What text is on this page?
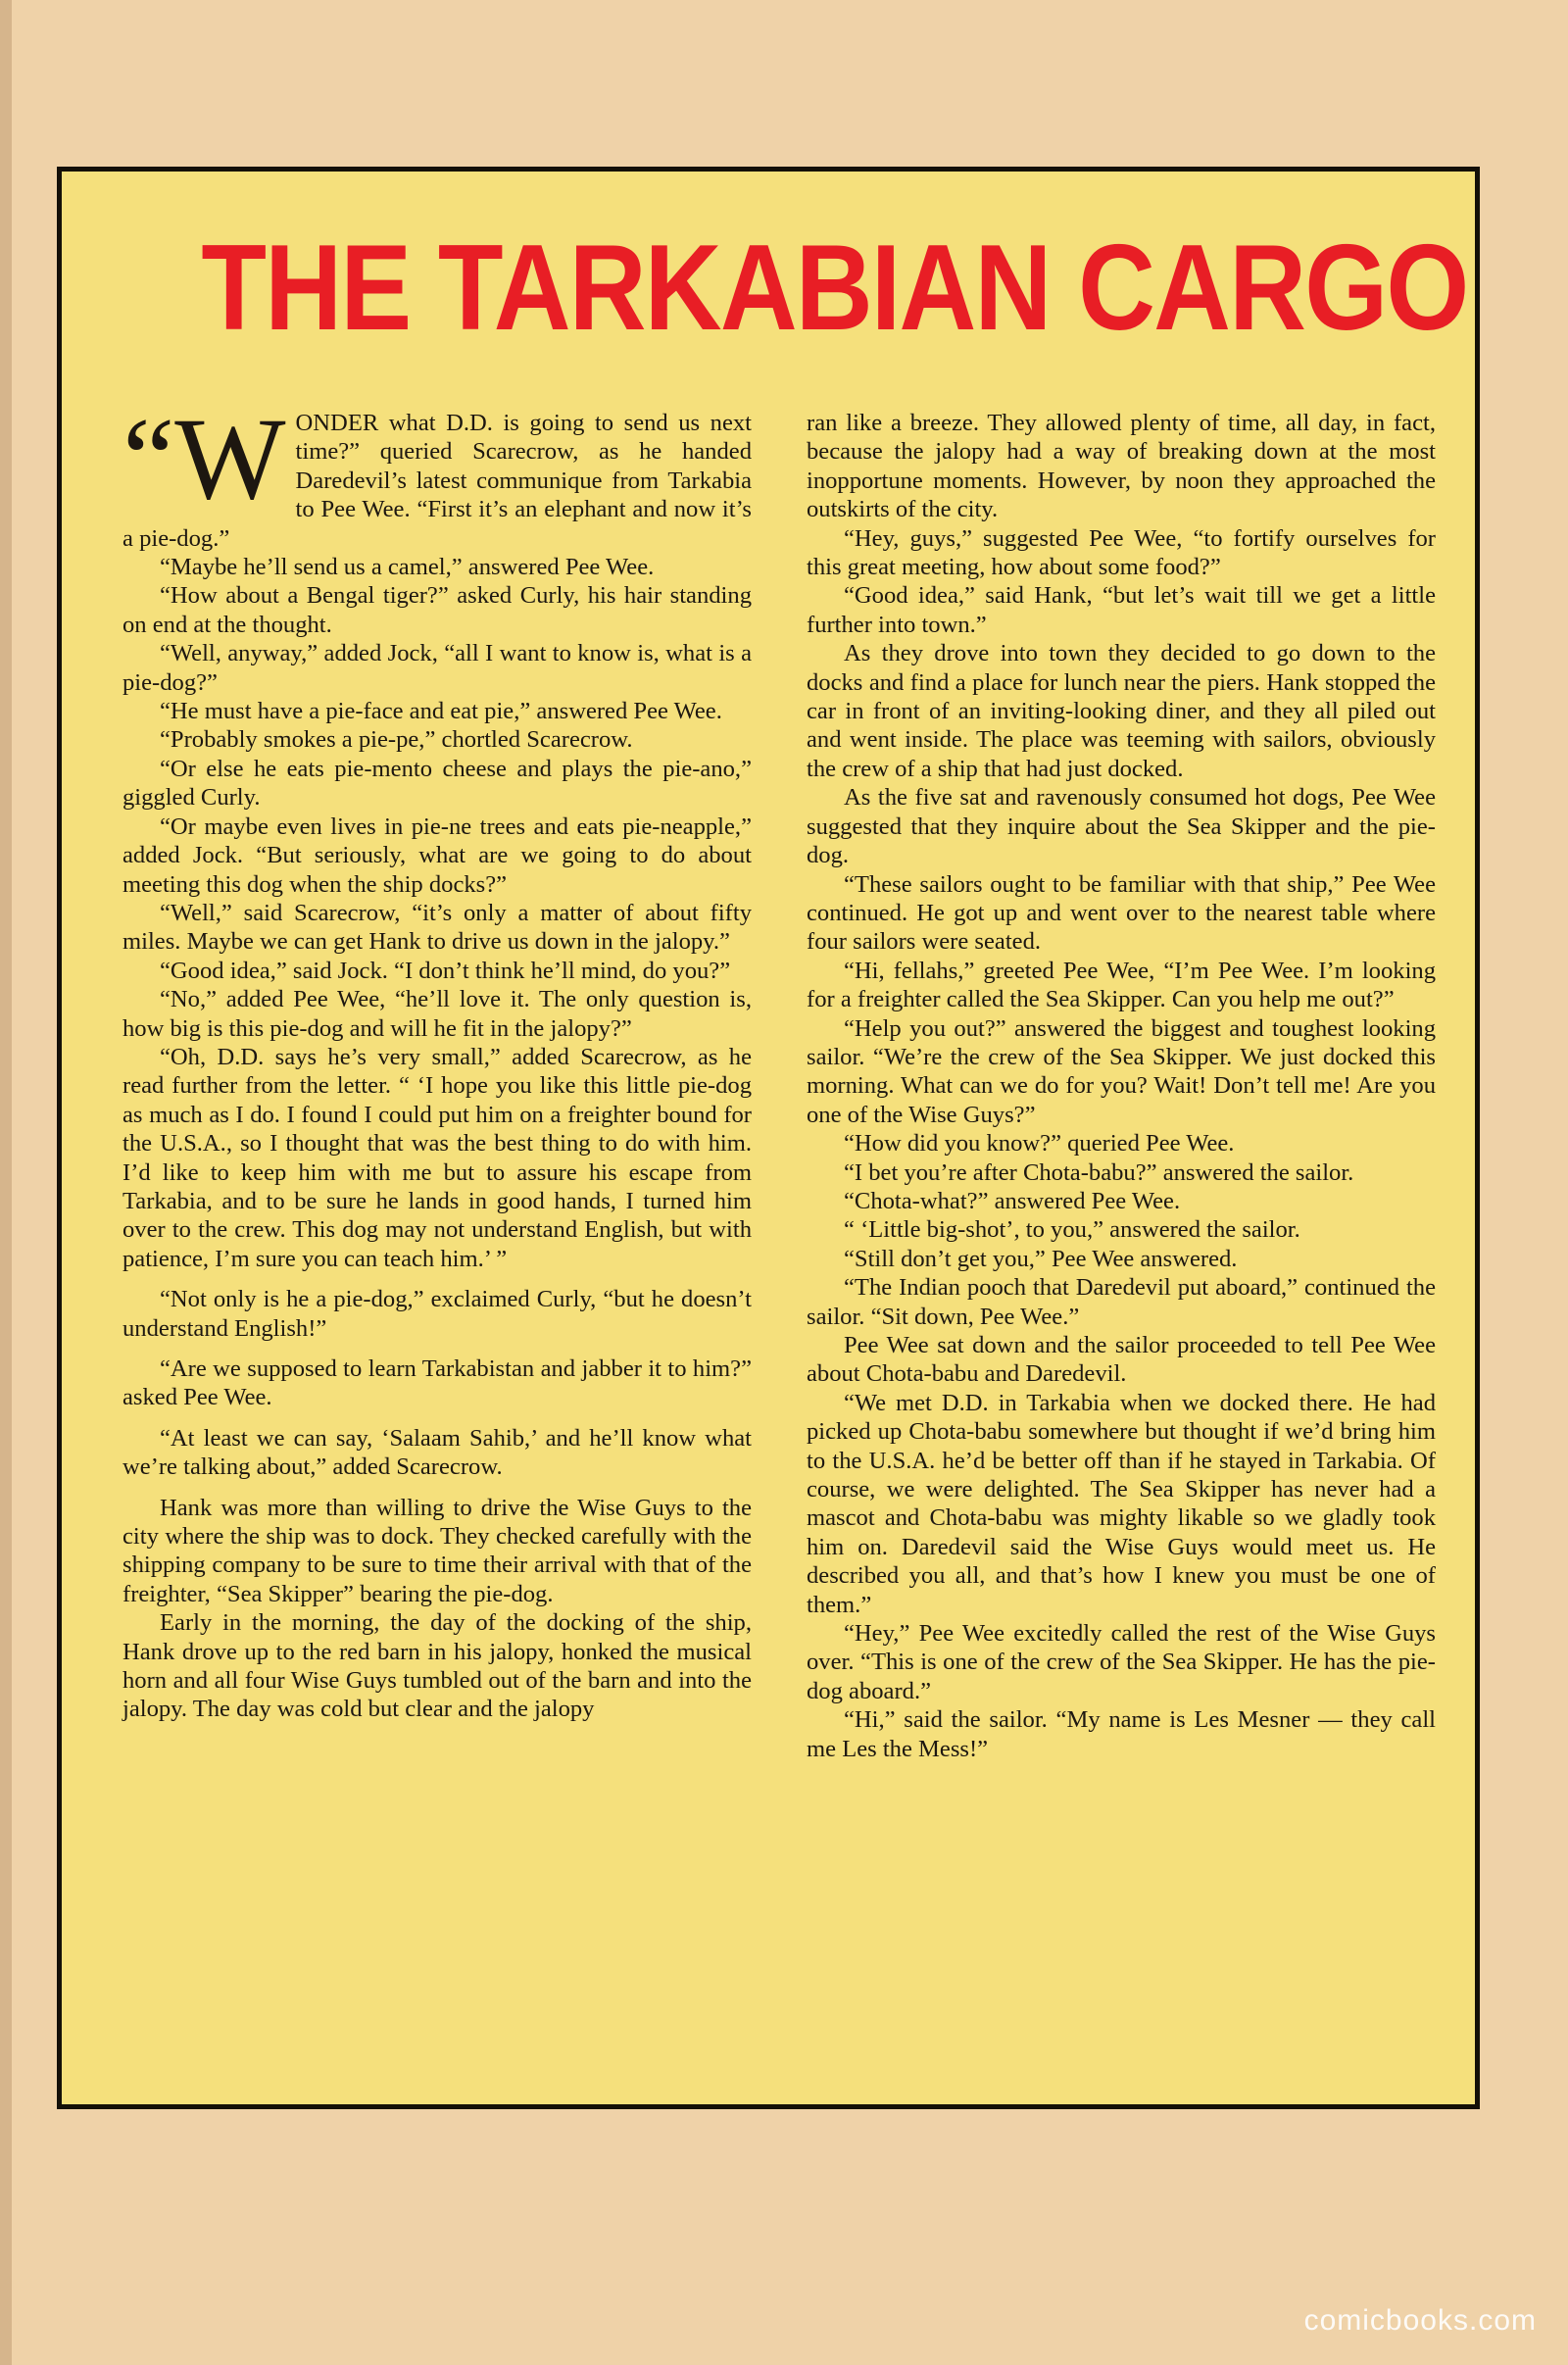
THE TARKABIAN CARGO

“WONDER what D.D. is going to send us next time?” queried Scarecrow, as he handed Daredevil’s latest communique from Tarkabia to Pee Wee. “First it’s an elephant and now it’s a pie-dog.”

“Maybe he’ll send us a camel,” answered Pee Wee.

“How about a Bengal tiger?” asked Curly, his hair standing on end at the thought.

“Well, anyway,” added Jock, “all I want to know is, what is a pie-dog?”

“He must have a pie-face and eat pie,” answered Pee Wee.

“Probably smokes a pie-pe,” chortled Scarecrow.

“Or else he eats pie-mento cheese and plays the pie-ano,” giggled Curly.

“Or maybe even lives in pie-ne trees and eats pie-neapple,” added Jock. “But seriously, what are we going to do about meeting this dog when the ship docks?”

“Well,” said Scarecrow, “it’s only a matter of about fifty miles. Maybe we can get Hank to drive us down in the jalopy.”

“Good idea,” said Jock. “I don’t think he’ll mind, do you?”

“No,” added Pee Wee, “he’ll love it. The only question is, how big is this pie-dog and will he fit in the jalopy?”

“Oh, D.D. says he’s very small,” added Scarecrow, as he read further from the letter. “ ‘I hope you like this little pie-dog as much as I do. I found I could put him on a freighter bound for the U.S.A., so I thought that was the best thing to do with him. I’d like to keep him with me but to assure his escape from Tarkabia, and to be sure he lands in good hands, I turned him over to the crew. This dog may not understand English, but with patience, I’m sure you can teach him.’ ”

“Not only is he a pie-dog,” exclaimed Curly, “but he doesn’t understand English!”

“Are we supposed to learn Tarkabistan and jabber it to him?” asked Pee Wee.

“At least we can say, ‘Salaam Sahib,’ and he’ll know what we’re talking about,” added Scarecrow.

Hank was more than willing to drive the Wise Guys to the city where the ship was to dock. They checked carefully with the shipping company to be sure to time their arrival with that of the freighter, “Sea Skipper” bearing the pie-dog.

Early in the morning, the day of the docking of the ship, Hank drove up to the red barn in his jalopy, honked the musical horn and all four Wise Guys tumbled out of the barn and into the jalopy. The day was cold but clear and the jalopy

ran like a breeze. They allowed plenty of time, all day, in fact, because the jalopy had a way of breaking down at the most inopportune moments. However, by noon they approached the outskirts of the city.

“Hey, guys,” suggested Pee Wee, “to fortify ourselves for this great meeting, how about some food?”

“Good idea,” said Hank, “but let’s wait till we get a little further into town.”

As they drove into town they decided to go down to the docks and find a place for lunch near the piers. Hank stopped the car in front of an inviting-looking diner, and they all piled out and went inside. The place was teeming with sailors, obviously the crew of a ship that had just docked.

As the five sat and ravenously consumed hot dogs, Pee Wee suggested that they inquire about the Sea Skipper and the pie-dog.

“These sailors ought to be familiar with that ship,” Pee Wee continued. He got up and went over to the nearest table where four sailors were seated.

“Hi, fellahs,” greeted Pee Wee, “I’m Pee Wee. I’m looking for a freighter called the Sea Skipper. Can you help me out?”

“Help you out?” answered the biggest and toughest looking sailor. “We’re the crew of the Sea Skipper. We just docked this morning. What can we do for you? Wait! Don’t tell me! Are you one of the Wise Guys?”

“How did you know?” queried Pee Wee.

“I bet you’re after Chota-babu?” answered the sailor.

“Chota-what?” answered Pee Wee.

“ ‘Little big-shot’, to you,” answered the sailor.

“Still don’t get you,” Pee Wee answered.

“The Indian pooch that Daredevil put aboard,” continued the sailor. “Sit down, Pee Wee.”

Pee Wee sat down and the sailor proceeded to tell Pee Wee about Chota-babu and Daredevil.

“We met D.D. in Tarkabia when we docked there. He had picked up Chota-babu somewhere but thought if we’d bring him to the U.S.A. he’d be better off than if he stayed in Tarkabia. Of course, we were delighted. The Sea Skipper has never had a mascot and Chota-babu was mighty likable so we gladly took him on. Daredevil said the Wise Guys would meet us. He described you all, and that’s how I knew you must be one of them.”

“Hey,” Pee Wee excitedly called the rest of the Wise Guys over. “This is one of the crew of the Sea Skipper. He has the pie-dog aboard.”

“Hi,” said the sailor. “My name is Les Mesner — they call me Les the Mess!”

comicbooks.com
